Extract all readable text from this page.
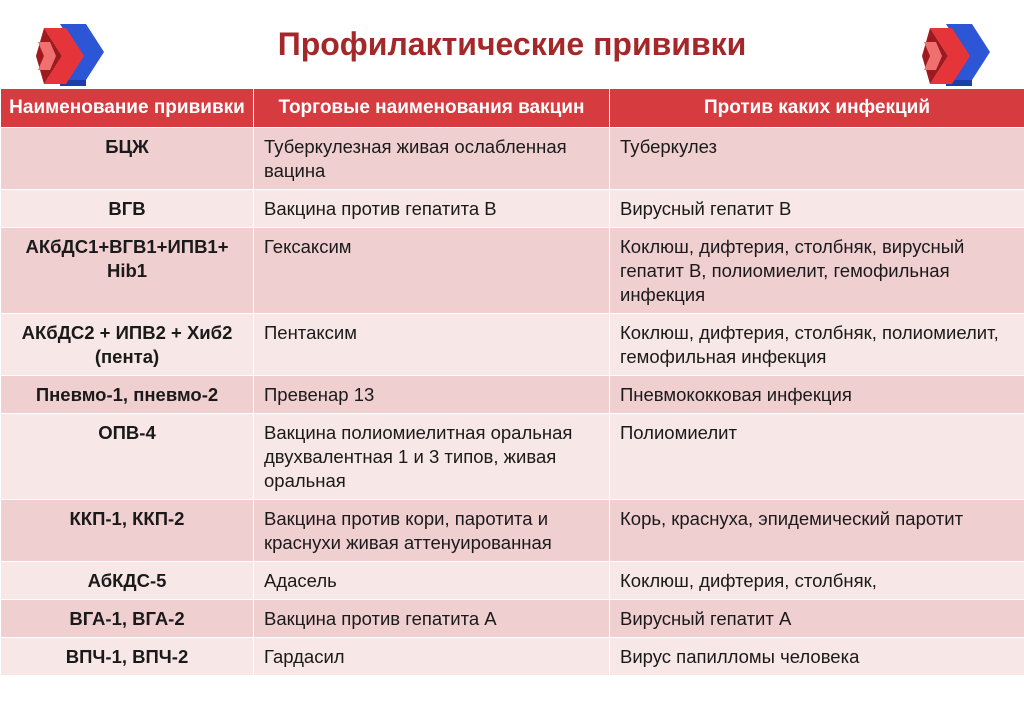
Профилактические прививки
Наименование прививки	Торговые наименования вакцин	Против каких инфекций
БЦЖ	Туберкулезная живая ослабленная вацина	Туберкулез
ВГВ	Вакцина против гепатита В	Вирусный гепатит В
АКбДС1+ВГВ1+ИПВ1+ Hib1	Гексаксим	Коклюш, дифтерия, столбняк, вирусный гепатит В, полиомиелит, гемофильная инфекция
АКбДС2 + ИПВ2 + Хиб2 (пента)	Пентаксим	Коклюш, дифтерия, столбняк, полиомиелит, гемофильная инфекция
Пневмо-1, пневмо-2	Превенар 13	Пневмококковая инфекция
ОПВ-4	Вакцина полиомиелитная оральная двухвалентная 1 и 3 типов, живая оральная	Полиомиелит
ККП-1, ККП-2	Вакцина против кори, паротита и краснухи живая аттенуированная	Корь, краснуха, эпидемический паротит
АбКДС-5	Адасель	Коклюш, дифтерия, столбняк,
ВГА-1, ВГА-2	Вакцина против гепатита А	Вирусный гепатит А
ВПЧ-1, ВПЧ-2	Гардасил	Вирус папилломы человека
